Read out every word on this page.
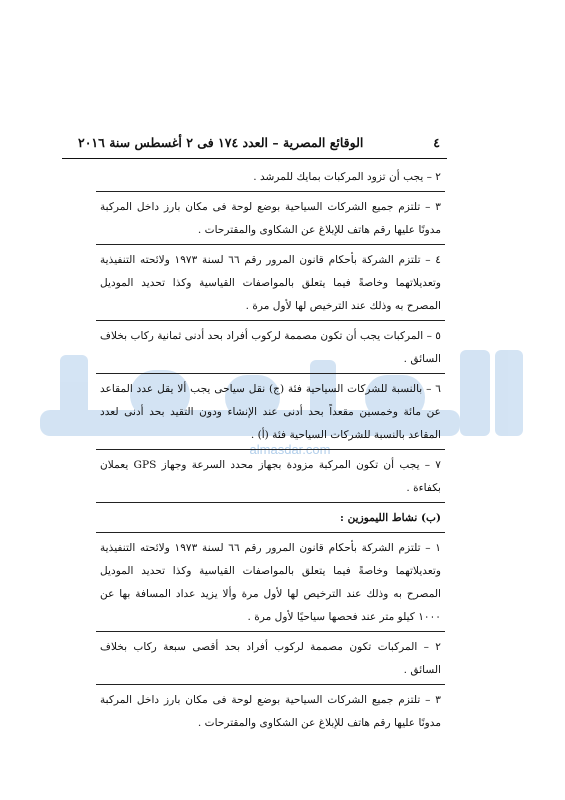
almasdar.com
٤
الوقائع المصرية – العدد ١٧٤ فى ٢ أغسطس سنة ٢٠١٦

٢ – يجب أن تزود المركبات بمايك للمرشد .

٣ – تلتزم جميع الشركات السياحية بوضع لوحة فى مكان بارز داخل المركبة مدونًا عليها رقم هاتف للإبلاغ عن الشكاوى والمقترحات .

٤ – تلتزم الشركة بأحكام قانون المرور رقم ٦٦ لسنة ١٩٧٣ ولائحته التنفيذية وتعديلاتهما وخاصةً فيما يتعلق بالمواصفات القياسية وكذا تحديد الموديل المصرح به وذلك عند الترخيص لها لأول مرة .

٥ – المركبات يجب أن تكون مصممة لركوب أفراد بحد أدنى ثمانية ركاب بخلاف السائق .

٦ – بالنسبة للشركات السياحية فئة (ج) نقل سياحى يجب ألا يقل عدد المقاعد عن مائة وخمسين مقعداً بحد أدنى عند الإنشاء ودون التقيد بحد أدنى لعدد المقاعد بالنسبة للشركات السياحية فئة (أ) .

٧ – يجب أن تكون المركبة مزودة بجهاز محدد السرعة وجهاز GPS يعملان بكفاءة .

(ب) نشاط الليموزين :

١ – تلتزم الشركة بأحكام قانون المرور رقم ٦٦ لسنة ١٩٧٣ ولائحته التنفيذية وتعديلاتهما وخاصةً فيما يتعلق بالمواصفات القياسية وكذا تحديد الموديل المصرح به وذلك عند الترخيص لها لأول مرة وألا يزيد عداد المسافة بها عن ١٠٠٠ كيلو متر عند فحصها سياحيًا لأول مرة .

٢ – المركبات تكون مصممة لركوب أفراد بحد أقصى سبعة ركاب بخلاف السائق .

٣ – تلتزم جميع الشركات السياحية بوضع لوحة فى مكان بارز داخل المركبة مدونًا عليها رقم هاتف للإبلاغ عن الشكاوى والمقترحات .
